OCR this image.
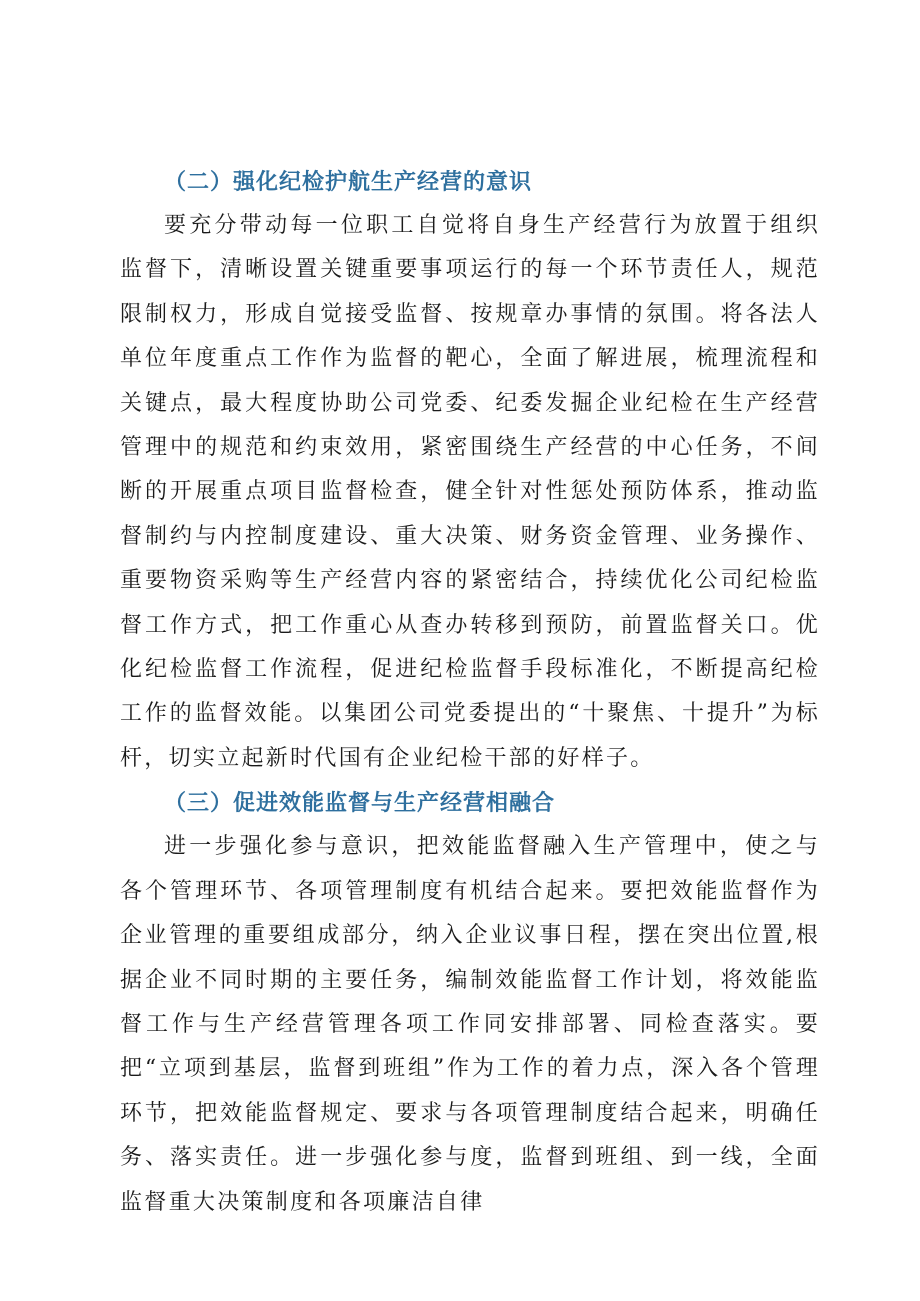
（二）强化纪检护航生产经营的意识

要充分带动每一位职工自觉将自身生产经营行为放置于组织监督下，清晰设置关键重要事项运行的每一个环节责任人，规范限制权力，形成自觉接受监督、按规章办事情的氛围。将各法人单位年度重点工作作为监督的靶心，全面了解进展，梳理流程和关键点，最大程度协助公司党委、纪委发掘企业纪检在生产经营管理中的规范和约束效用，紧密围绕生产经营的中心任务，不间断的开展重点项目监督检查，健全针对性惩处预防体系，推动监督制约与内控制度建设、重大决策、财务资金管理、业务操作、重要物资采购等生产经营内容的紧密结合，持续优化公司纪检监督工作方式，把工作重心从查办转移到预防，前置监督关口。优化纪检监督工作流程，促进纪检监督手段标准化，不断提高纪检工作的监督效能。以集团公司党委提出的“十聚焦、十提升”为标杆，切实立起新时代国有企业纪检干部的好样子。

（三）促进效能监督与生产经营相融合

进一步强化参与意识，把效能监督融入生产管理中，使之与各个管理环节、各项管理制度有机结合起来。要把效能监督作为企业管理的重要组成部分，纳入企业议事日程，摆在突出位置,根据企业不同时期的主要任务，编制效能监督工作计划，将效能监督工作与生产经营管理各项工作同安排部署、同检查落实。要把“立项到基层，监督到班组”作为工作的着力点，深入各个管理环节，把效能监督规定、要求与各项管理制度结合起来，明确任务、落实责任。进一步强化参与度，监督到班组、到一线，全面监督重大决策制度和各项廉洁自律
